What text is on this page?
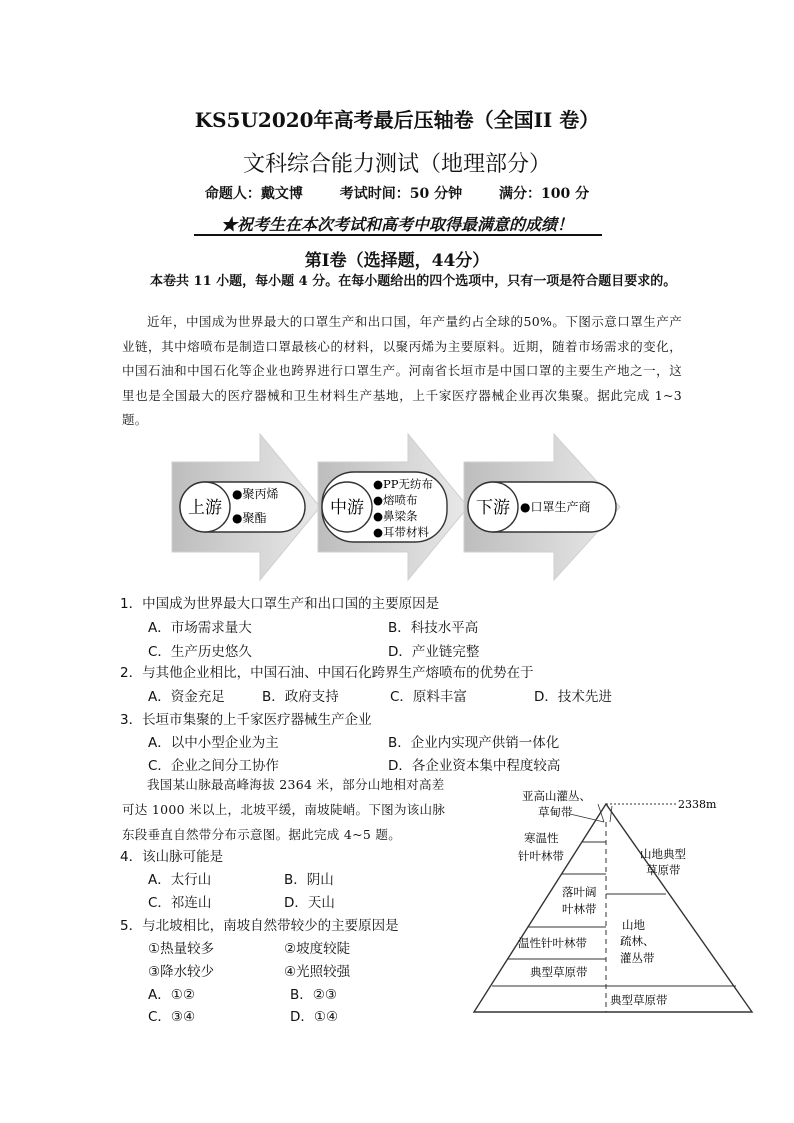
KS5U2020年高考最后压轴卷（全国II 卷）
文科综合能力测试（地理部分）
命题人：戴文博	考试时间：50 分钟	满分：100 分
★祝考生在本次考试和高考中取得最满意的成绩！
第Ⅰ卷（选择题，44分）
本卷共 11 小题，每小题 4 分。在每小题给出的四个选项中，只有一项是符合题目要求的。
近年，中国成为世界最大的口罩生产和出口国，年产量约占全球的50%。下图示意口罩生产产业链，其中熔喷布是制造口罩最核心的材料，以聚丙烯为主要原料。近期，随着市场需求的变化，中国石油和中国石化等企业也跨界进行口罩生产。河南省长垣市是中国口罩的主要生产地之一，这里也是全国最大的医疗器械和卫生材料生产基地，上千家医疗器械企业再次集聚。据此完成 1~3 题。
上游
●聚丙烯
●聚酯	中游
●PP无纺布
●熔喷布
●鼻梁条
●耳带材料
下游 ●口罩生产商
1．中国成为世界最大口罩生产和出口国的主要原因是
A．市场需求量大	B．科技水平高
C．生产历史悠久	D．产业链完整
2．与其他企业相比，中国石油、中国石化跨界生产熔喷布的优势在于
A．资金充足	B．政府支持	C．原料丰富	D．技术先进
3．长垣市集聚的上千家医疗器械生产企业
A．以中小型企业为主	B．企业内实现产供销一体化
C．企业之间分工协作	D．各企业资本集中程度较高
我国某山脉最高峰海拔 2364 米，部分山地相对高差可达 1000 米以上，北坡平缓，南坡陡峭。下图为该山脉东段垂直自然带分布示意图。据此完成 4~5 题。
4．该山脉可能是
A．太行山	B．阴山
C．祁连山	D．天山
5．与北坡相比，南坡自然带较少的主要原因是
①热量较多	②坡度较陡
③降水较少	④光照较强
A．①②	B．②③
C．③④	D．①④
2338m
亚高山灌丛、
草甸带
寒温性
针叶林带
落叶阔
叶林带
温性针叶林带
典型草原带
山地典型
草原带
山地
疏林、
灌丛带
典型草原带
